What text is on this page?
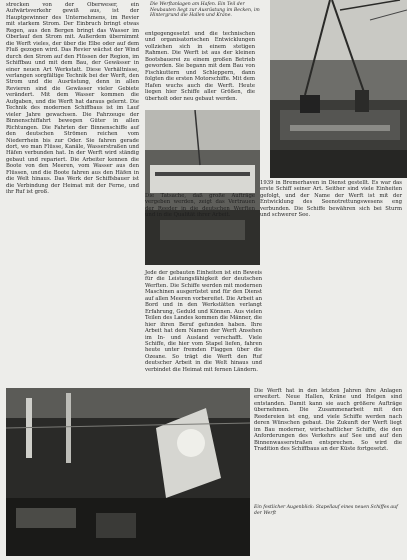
strecken von der Oberweser, ein Aufwärtsverkehr gewiß aus, ist der Hauptgewinner des Unternehmens, im Revier mit starkem Strom. Der Einbruch bringt etwas Regen, aus den Bergen bringt das Wasser im Oberlauf den Strom mit. Außerdem übernimmt die Werft vieles, der über die Elbe oder auf dem Fluß gezogen wird. Das Revier wächst der Wind durch den Strom auf den Flüssen der Region, im Schiffbau und mit dem Bau, der Gewässer in einer neuen Art Werkstatt. Diese Verhältnisse, verlangen sorgfältige Technik bei der Werft, den Strom und die Ausrüstung, denn in allen Revieren sind die Gewässer vieler Gebiete verändert. Mit dem Wasser kommen die Aufgaben, und die Werft hat daraus gelernt. Die Technik des modernen Schiffbaus ist im Lauf vieler Jahre gewachsen. Die Fahrzeuge der Binnenschiffahrt bewegen Güter in allen Richtungen. Die Fahrten der Binnenschiffe auf den deutschen Strömen reichen vom Niederrhein bis zur Oder. Sie fahren gerade dort, wo man Flüsse, Kanäle, Wasserstraßen und Häfen verbunden hat. In der Werft wird ständig gebaut und repariert. Die Arbeiter kennen die Boote von den Meeren, vom Wasser aus den Flüssen, und die Boote fahren aus den Häfen in die Welt hinaus. Das Werk der Schiffsbauer ist die Verbindung der Heimat mit der Ferne, und ihr Ruf ist groß.

Die Werftanlagen am Hafen. Ein Teil der Neubauten liegt zur Ausrüstung im Becken, im Hintergrund die Hallen und Kräne.

entgegengesetzt und die technischen und organisatorischen Entwicklungen vollziehen sich in einem stetigen Rahmen. Die Werft ist aus der kleinen Bootsbauerei zu einem großen Betrieb geworden. Sie begann mit dem Bau von Fischkuttern und Schleppern, dann folgten die ersten Motorschiffe. Mit dem Hafen wuchs auch die Werft. Heute liegen hier Schiffe aller Größen, die überholt oder neu gebaut werden.

Die Tatsache, daß große Aufträge vergeben werden, zeigt das Vertrauen der Reeder in die deutschen Werften und in die Qualität ihrer Arbeit.

Jede der gebauten Einheiten ist ein Beweis für die Leistungsfähigkeit der deutschen Werften. Die Schiffe werden mit modernen Maschinen ausgerüstet und für den Dienst auf allen Meeren vorbereitet. Die Arbeit an Bord und in den Werkstätten verlangt Erfahrung, Geduld und Können. Aus vielen Teilen des Landes kommen die Männer, die hier ihren Beruf gefunden haben. Ihre Arbeit hat dem Namen der Werft Ansehen im In- und Ausland verschafft. Viele Schiffe, die hier vom Stapel liefen, fahren heute unter fremden Flaggen über die Ozeane. So trägt die Werft den Ruf deutscher Arbeit in die Welt hinaus und verbindet die Heimat mit fernen Ländern.

1939 in Bremerhaven in Dienst gestellt. Es war das erste Schiff seiner Art. Seither sind viele Einheiten gefolgt, und der Name der Werft ist mit der Entwicklung des Seenotrettungswesens eng verbunden. Die Schiffe bewähren sich bei Sturm und schwerer See.

Die Werft hat in den letzten Jahren ihre Anlagen erweitert. Neue Hallen, Kräne und Helgen sind entstanden. Damit kann sie auch größere Aufträge übernehmen. Die Zusammenarbeit mit den Reedereien ist eng, und viele Schiffe werden nach deren Wünschen gebaut. Die Zukunft der Werft liegt im Bau moderner, wirtschaftlicher Schiffe, die den Anforderungen des Verkehrs auf See und auf den Binnenwasserstraßen entsprechen. So wird die Tradition des Schiffbaus an der Küste fortgesetzt.

Ein festlicher Augenblick: Stapellauf eines neuen Schiffes auf der Werft
